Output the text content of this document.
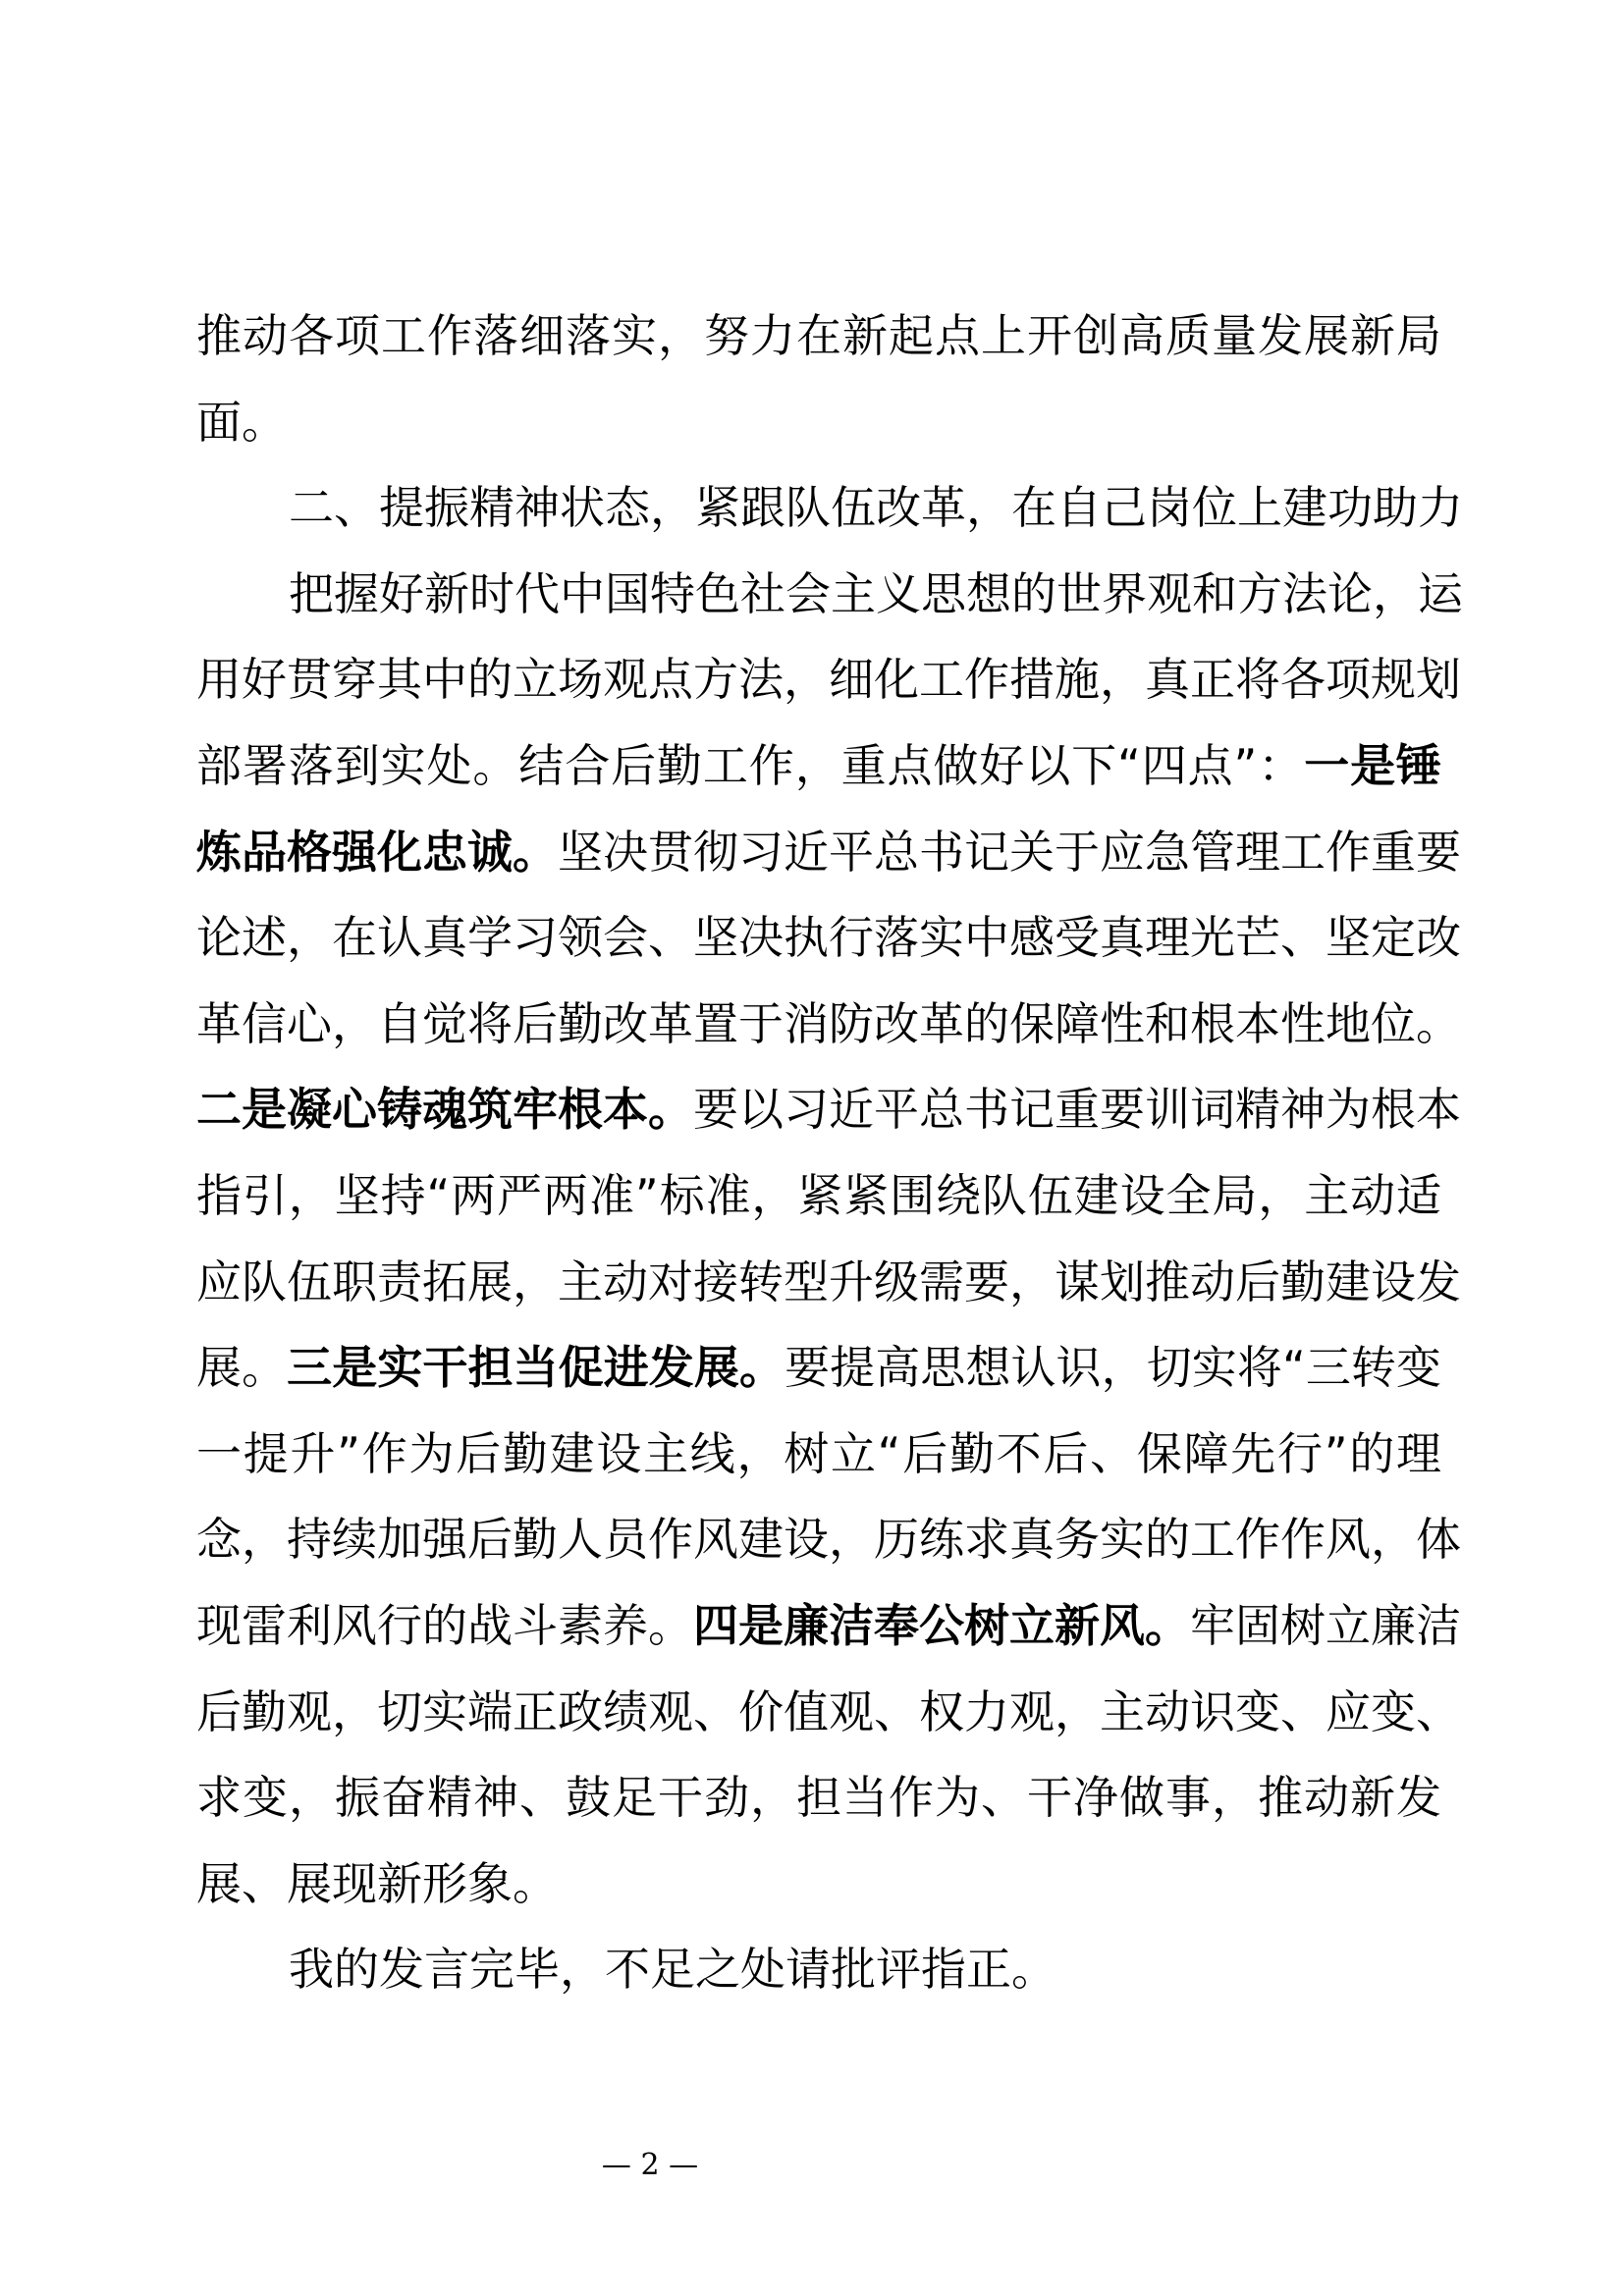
推动各项工作落细落实，努力在新起点上开创高质量发展新局
面。
二、提振精神状态，紧跟队伍改革，在自己岗位上建功助力
把握好新时代中国特色社会主义思想的世界观和方法论，运
用好贯穿其中的立场观点方法，细化工作措施，真正将各项规划
部署落到实处。结合后勤工作，重点做好以下“四点”：一是锤
炼品格强化忠诚。坚决贯彻习近平总书记关于应急管理工作重要
论述，在认真学习领会、坚决执行落实中感受真理光芒、坚定改
革信心，自觉将后勤改革置于消防改革的保障性和根本性地位。
二是凝心铸魂筑牢根本。要以习近平总书记重要训词精神为根本
指引，坚持“两严两准”标准，紧紧围绕队伍建设全局，主动适
应队伍职责拓展，主动对接转型升级需要，谋划推动后勤建设发
展。三是实干担当促进发展。要提高思想认识，切实将“三转变
一提升”作为后勤建设主线，树立“后勤不后、保障先行”的理
念，持续加强后勤人员作风建设，历练求真务实的工作作风，体
现雷利风行的战斗素养。四是廉洁奉公树立新风。牢固树立廉洁
后勤观，切实端正政绩观、价值观、权力观，主动识变、应变、
求变，振奋精神、鼓足干劲，担当作为、干净做事，推动新发
展、展现新形象。
我的发言完毕，不足之处请批评指正。
— 2 —
